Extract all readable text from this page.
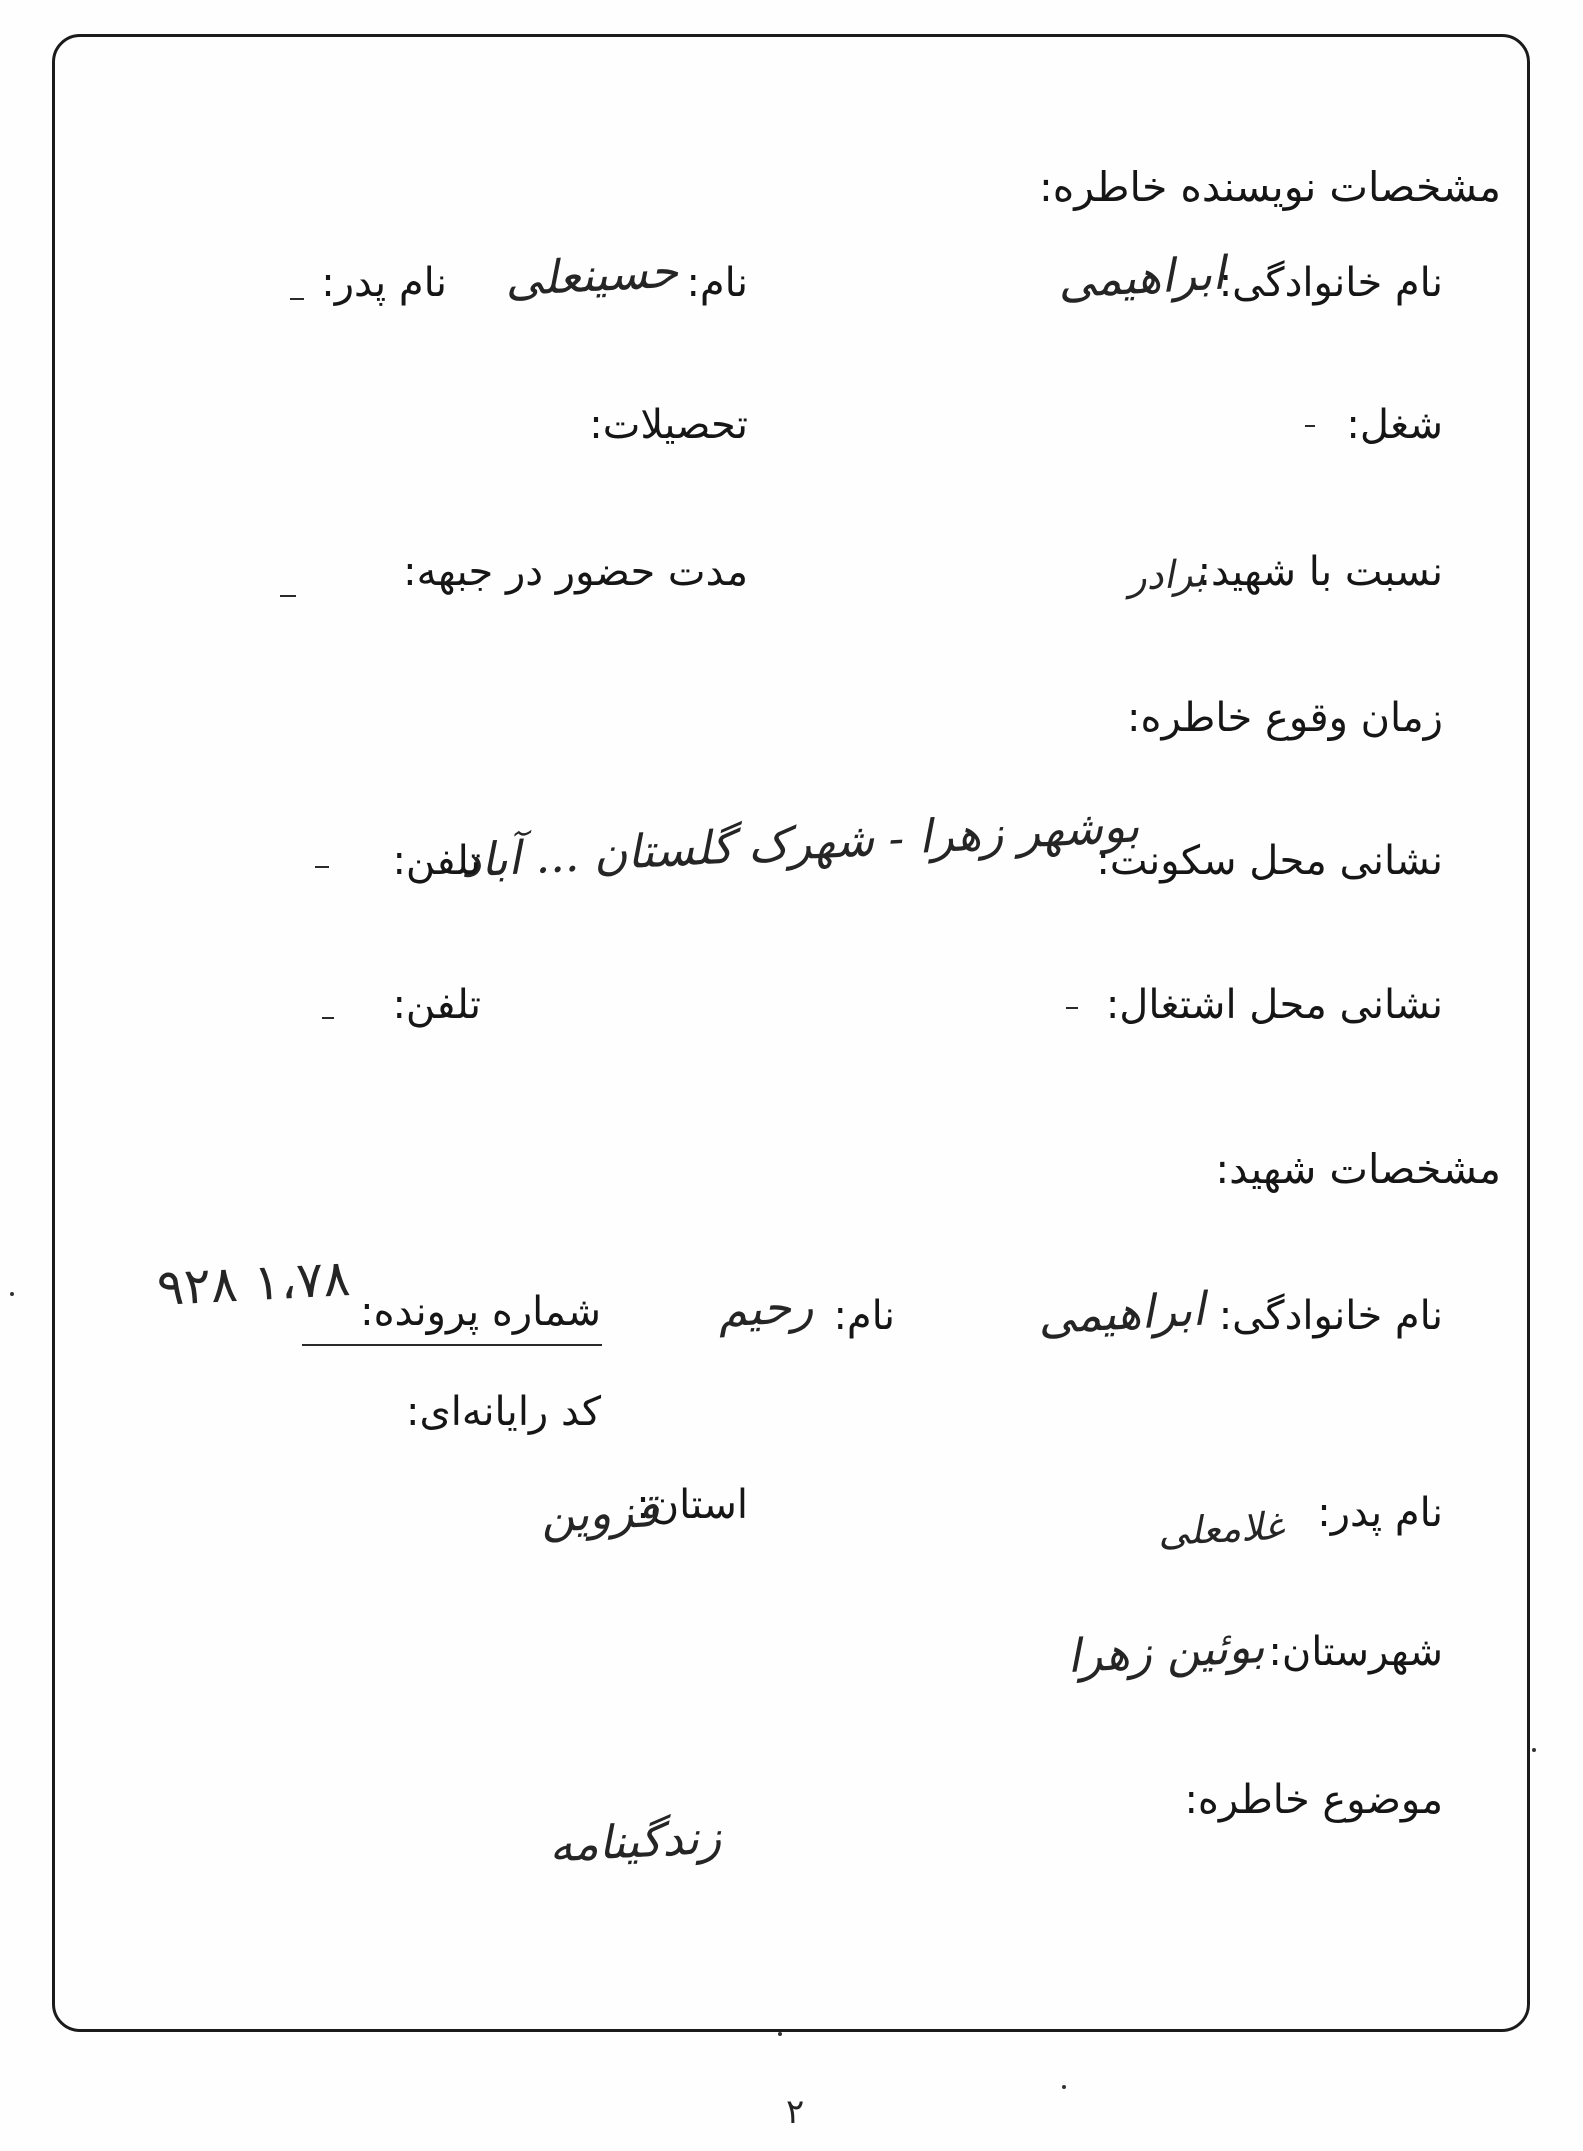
مشخصات نویسنده خاطره:
نام خانوادگی:
ابراهیمی
نام:
حسینعلی
نام پدر:
شغل:
تحصیلات:
نسبت با شهید:
برادر
مدت حضور در جبهه:
زمان وقوع خاطره:
نشانی محل سکونت:
بوشهر زهرا - شهرک گلستان ... آباد
تلفن:
نشانی محل اشتغال:
تلفن:
مشخصات شهید:
نام خانوادگی:
ابراهیمی
نام:
رحیم
شماره پرونده:
۱،۷۸ ۹۲۸
کد رایانه‌ای:
نام پدر:
غلامعلی
استان:
قزوین
شهرستان:
بوئین زهرا
موضوع خاطره:
زندگینامه
۲
